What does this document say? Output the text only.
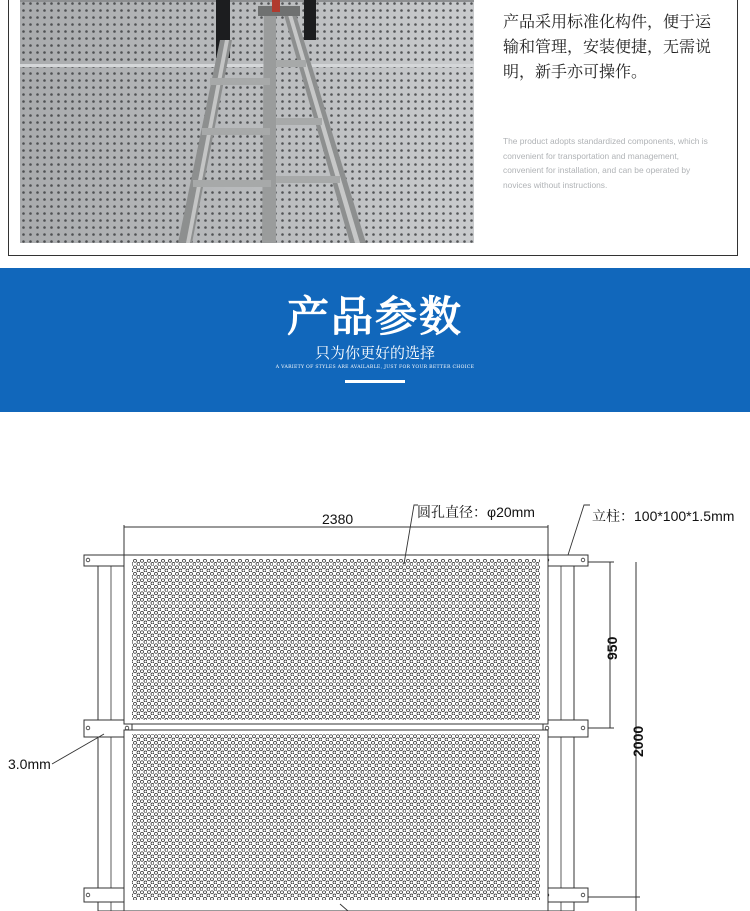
产品采用标准化构件，便于运输和管理，安装便捷，无需说明，新手亦可操作。
The product adopts standardized components, which is convenient for transportation and management, convenient for installation, and can be operated by novices without instructions.
产品参数
只为你更好的选择
A VARIETY OF STYLES ARE AVAILABLE, JUST FOR YOUR BETTER CHOICE
2380	圆孔直径：φ20mm	立柱：100*100*1.5mm
950
2000
3.0mm
